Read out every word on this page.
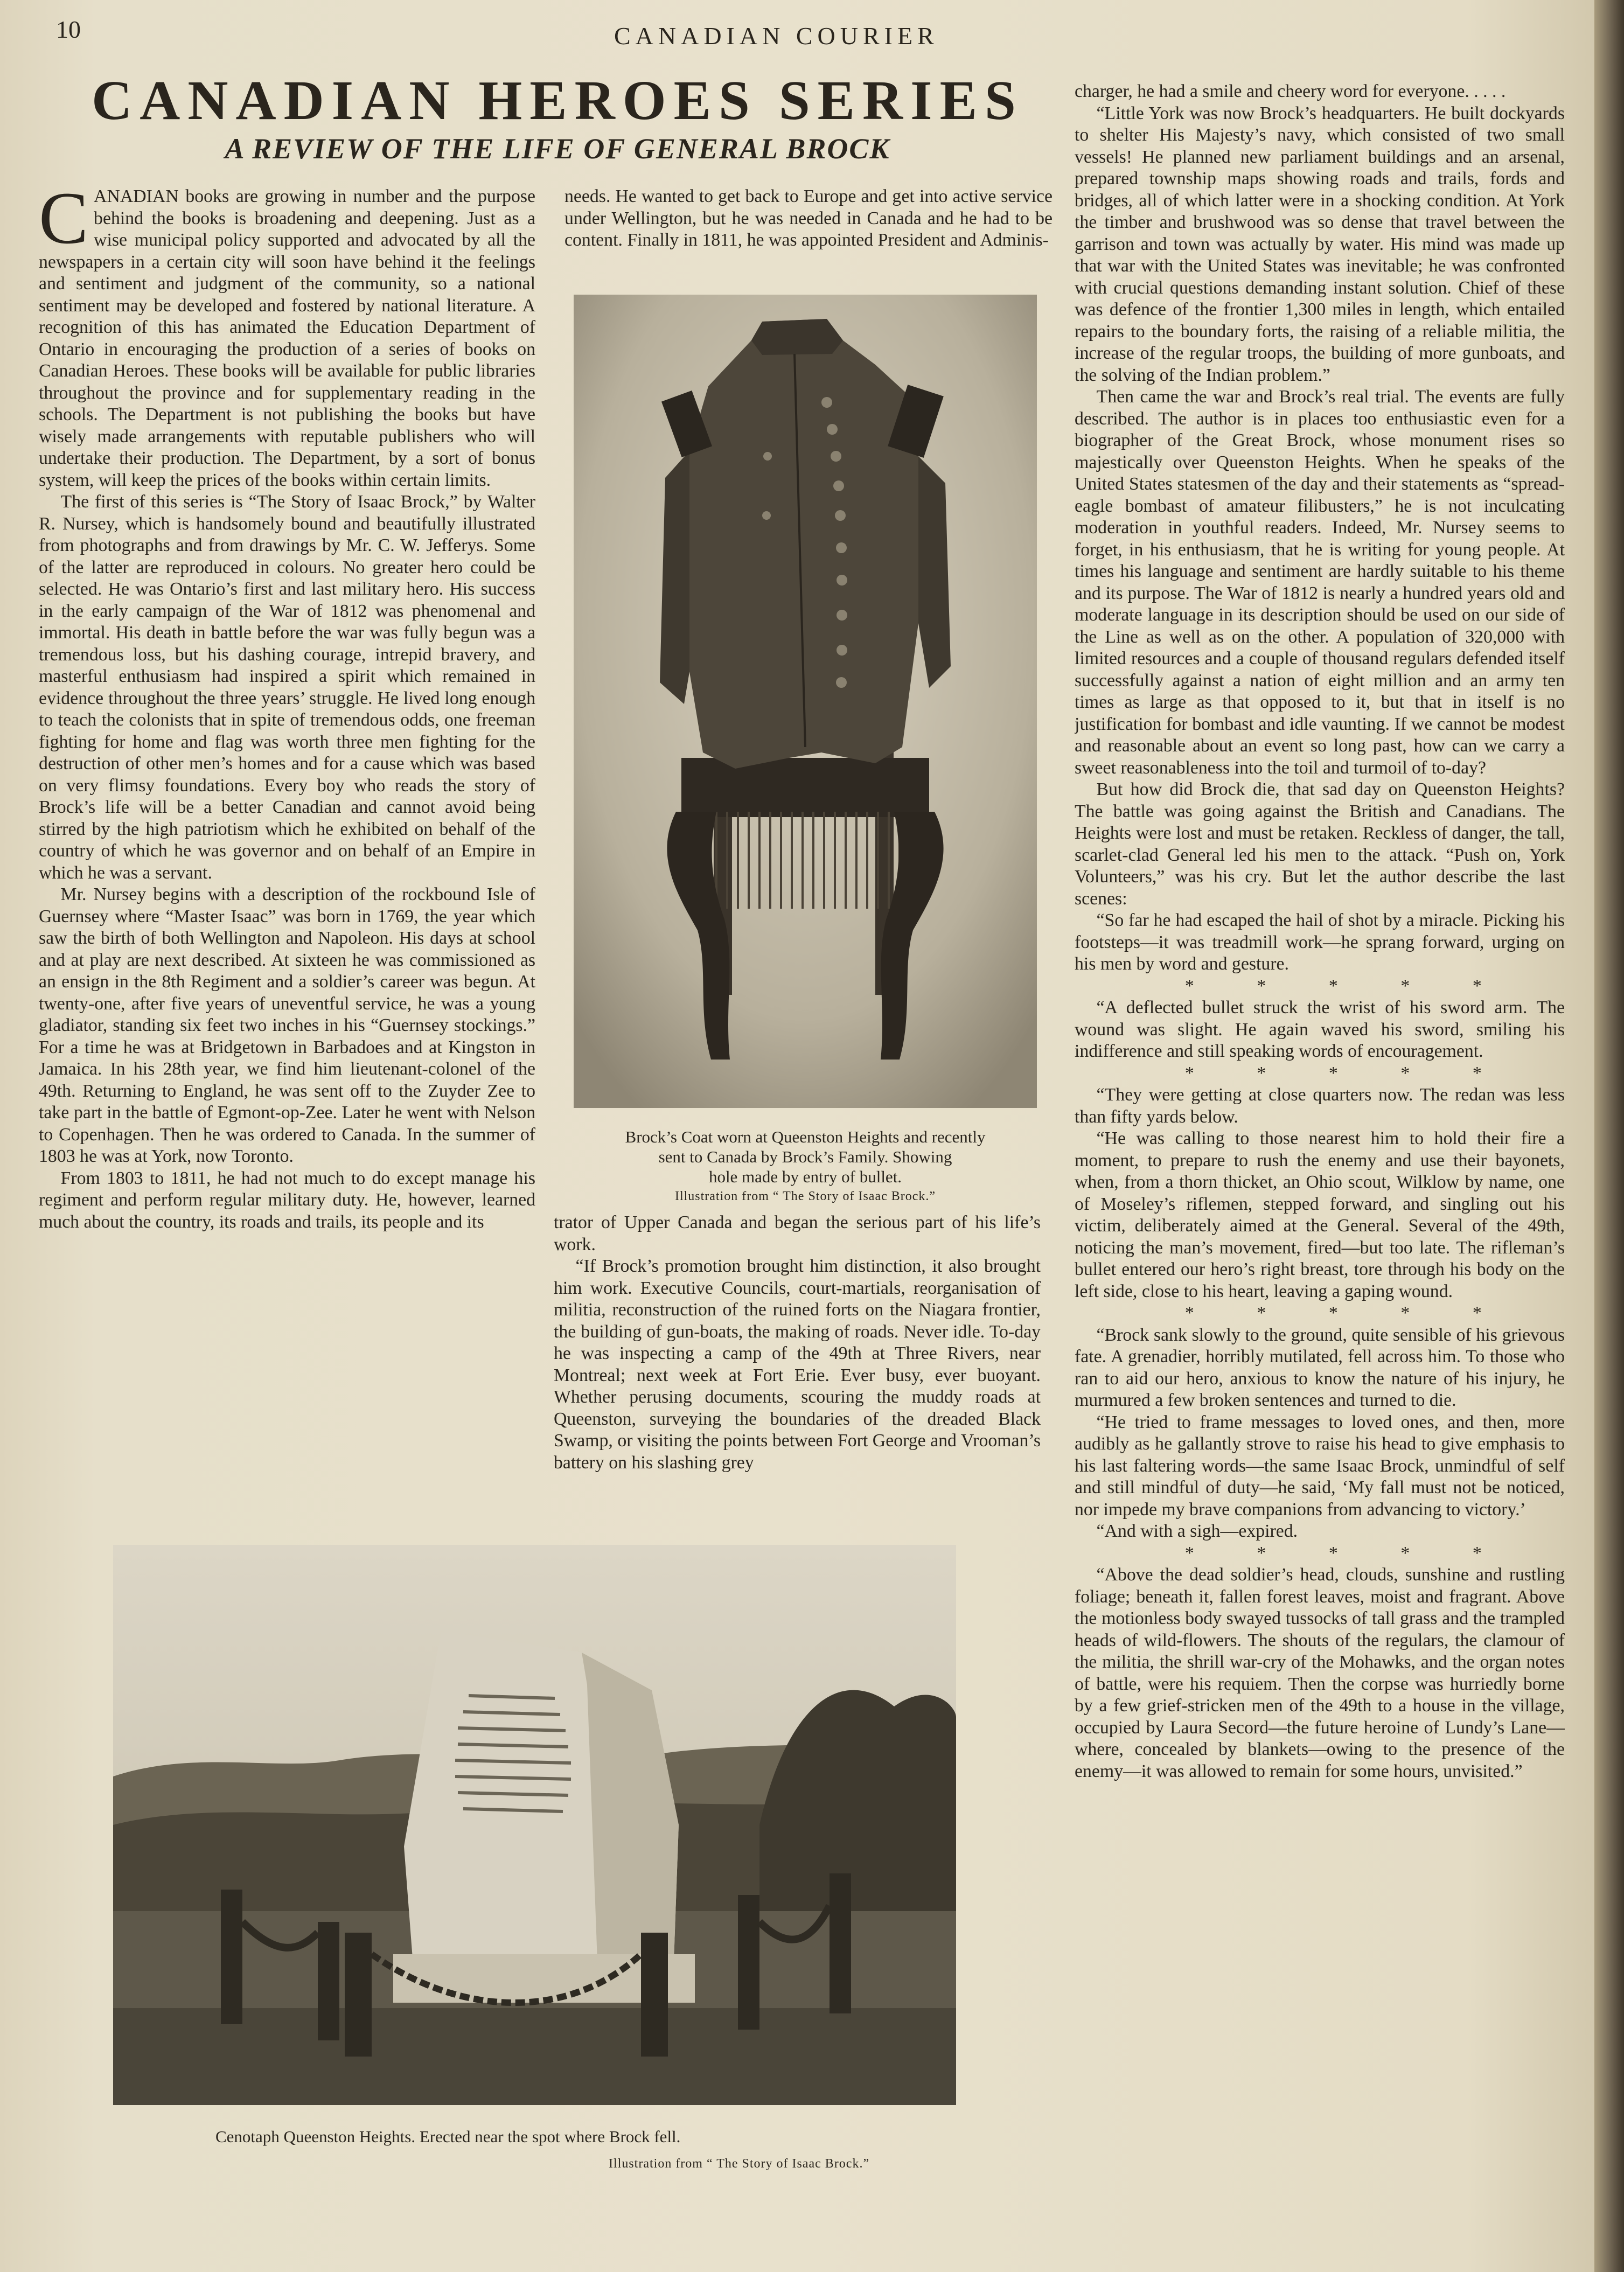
10	CANADIAN COURIER
CANADIAN HEROES SERIES
A REVIEW OF THE LIFE OF GENERAL BROCK

CANADIAN books are growing in number and the purpose behind the books is broadening and deepening. Just as a wise municipal policy supported and advocated by all the newspapers in a certain city will soon have behind it the feelings and sentiment and judgment of the community, so a national sentiment may be developed and fostered by national literature. A recognition of this has animated the Education Department of Ontario in encouraging the production of a series of books on Canadian Heroes. These books will be available for public libraries throughout the province and for supplementary reading in the schools. The Department is not publishing the books but have wisely made arrangements with reputable publishers who will undertake their production. The Department, by a sort of bonus system, will keep the prices of the books within certain limits.

The first of this series is “The Story of Isaac Brock,” by Walter R. Nursey, which is handsomely bound and beautifully illustrated from photographs and from drawings by Mr. C. W. Jefferys. Some of the latter are reproduced in colours. No greater hero could be selected. He was Ontario’s first and last military hero. His success in the early campaign of the War of 1812 was phenomenal and immortal. His death in battle before the war was fully begun was a tremendous loss, but his dashing courage, intrepid bravery, and masterful enthusiasm had inspired a spirit which remained in evidence throughout the three years’ struggle. He lived long enough to teach the colonists that in spite of tremendous odds, one freeman fighting for home and flag was worth three men fighting for the destruction of other men’s homes and for a cause which was based on very flimsy foundations. Every boy who reads the story of Brock’s life will be a better Canadian and cannot avoid being stirred by the high patriotism which he exhibited on behalf of the country of which he was governor and on behalf of an Empire in which he was a servant.

Mr. Nursey begins with a description of the rockbound Isle of Guernsey where “Master Isaac” was born in 1769, the year which saw the birth of both Wellington and Napoleon. His days at school and at play are next described. At sixteen he was commissioned as an ensign in the 8th Regiment and a soldier’s career was begun. At twenty-one, after five years of uneventful service, he was a young gladiator, standing six feet two inches in his “Guernsey stockings.” For a time he was at Bridgetown in Barbadoes and at Kingston in Jamaica. In his 28th year, we find him lieutenant-colonel of the 49th. Returning to England, he was sent off to the Zuyder Zee to take part in the battle of Egmont-op-Zee. Later he went with Nelson to Copenhagen. Then he was ordered to Canada. In the summer of 1803 he was at York, now Toronto.

From 1803 to 1811, he had not much to do except manage his regiment and perform regular military duty. He, however, learned much about the country, its roads and trails, its people and its

needs. He wanted to get back to Europe and get into active service under Wellington, but he was needed in Canada and he had to be content. Finally in 1811, he was appointed President and Adminis-

Brock’s Coat worn at Queenston Heights and recently
sent to Canada by Brock’s Family. Showing
hole made by entry of bullet.
Illustration from “ The Story of Isaac Brock.”

trator of Upper Canada and began the serious part of his life’s work.

“If Brock’s promotion brought him distinction, it also brought him work. Executive Councils, court-martials, reorganisation of militia, reconstruction of the ruined forts on the Niagara frontier, the building of gun-boats, the making of roads. Never idle. To-day he was inspecting a camp of the 49th at Three Rivers, near Montreal; next week at Fort Erie. Ever busy, ever buoyant. Whether perusing documents, scouring the muddy roads at Queenston, surveying the boundaries of the dreaded Black Swamp, or visiting the points between Fort George and Vrooman’s battery on his slashing grey

Cenotaph Queenston Heights. Erected near the spot where Brock fell.
Illustration from “ The Story of Isaac Brock.”

charger, he had a smile and cheery word for everyone. . . . .

“Little York was now Brock’s headquarters. He built dockyards to shelter His Majesty’s navy, which consisted of two small vessels! He planned new parliament buildings and an arsenal, prepared township maps showing roads and trails, fords and bridges, all of which latter were in a shocking condition. At York the timber and brushwood was so dense that travel between the garrison and town was actually by water. His mind was made up that war with the United States was inevitable; he was confronted with crucial questions demanding instant solution. Chief of these was defence of the frontier 1,300 miles in length, which entailed repairs to the boundary forts, the raising of a reliable militia, the increase of the regular troops, the building of more gunboats, and the solving of the Indian problem.”

Then came the war and Brock’s real trial. The events are fully described. The author is in places too enthusiastic even for a biographer of the Great Brock, whose monument rises so majestically over Queenston Heights. When he speaks of the United States statesmen of the day and their statements as “spread-eagle bombast of amateur filibusters,” he is not inculcating moderation in youthful readers. Indeed, Mr. Nursey seems to forget, in his enthusiasm, that he is writing for young people. At times his language and sentiment are hardly suitable to his theme and its purpose. The War of 1812 is nearly a hundred years old and moderate language in its description should be used on our side of the Line as well as on the other. A population of 320,000 with limited resources and a couple of thousand regulars defended itself successfully against a nation of eight million and an army ten times as large as that opposed to it, but that in itself is no justification for bombast and idle vaunting. If we cannot be modest and reasonable about an event so long past, how can we carry a sweet reasonableness into the toil and turmoil of to-day?

But how did Brock die, that sad day on Queenston Heights? The battle was going against the British and Canadians. The Heights were lost and must be retaken. Reckless of danger, the tall, scarlet-clad General led his men to the attack. “Push on, York Volunteers,” was his cry. But let the author describe the last scenes:

“So far he had escaped the hail of shot by a miracle. Picking his footsteps—it was treadmill work—he sprang forward, urging on his men by word and gesture.

* * * * *

“A deflected bullet struck the wrist of his sword arm. The wound was slight. He again waved his sword, smiling his indifference and still speaking words of encouragement.

* * * * *

“They were getting at close quarters now. The redan was less than fifty yards below.

“He was calling to those nearest him to hold their fire a moment, to prepare to rush the enemy and use their bayonets, when, from a thorn thicket, an Ohio scout, Wilklow by name, one of Moseley’s riflemen, stepped forward, and singling out his victim, deliberately aimed at the General. Several of the 49th, noticing the man’s movement, fired—but too late. The rifleman’s bullet entered our hero’s right breast, tore through his body on the left side, close to his heart, leaving a gaping wound.

* * * * *

“Brock sank slowly to the ground, quite sensible of his grievous fate. A grenadier, horribly mutilated, fell across him. To those who ran to aid our hero, anxious to know the nature of his injury, he murmured a few broken sentences and turned to die.

“He tried to frame messages to loved ones, and then, more audibly as he gallantly strove to raise his head to give emphasis to his last faltering words—the same Isaac Brock, unmindful of self and still mindful of duty—he said, ‘My fall must not be noticed, nor impede my brave companions from advancing to victory.’

“And with a sigh—expired.

* * * * *

“Above the dead soldier’s head, clouds, sunshine and rustling foliage; beneath it, fallen forest leaves, moist and fragrant. Above the motionless body swayed tussocks of tall grass and the trampled heads of wild-flowers. The shouts of the regulars, the clamour of the militia, the shrill war-cry of the Mohawks, and the organ notes of battle, were his requiem. Then the corpse was hurriedly borne by a few grief-stricken men of the 49th to a house in the village, occupied by Laura Secord—the future heroine of Lundy’s Lane—where, concealed by blankets—owing to the presence of the enemy—it was allowed to remain for some hours, unvisited.”
